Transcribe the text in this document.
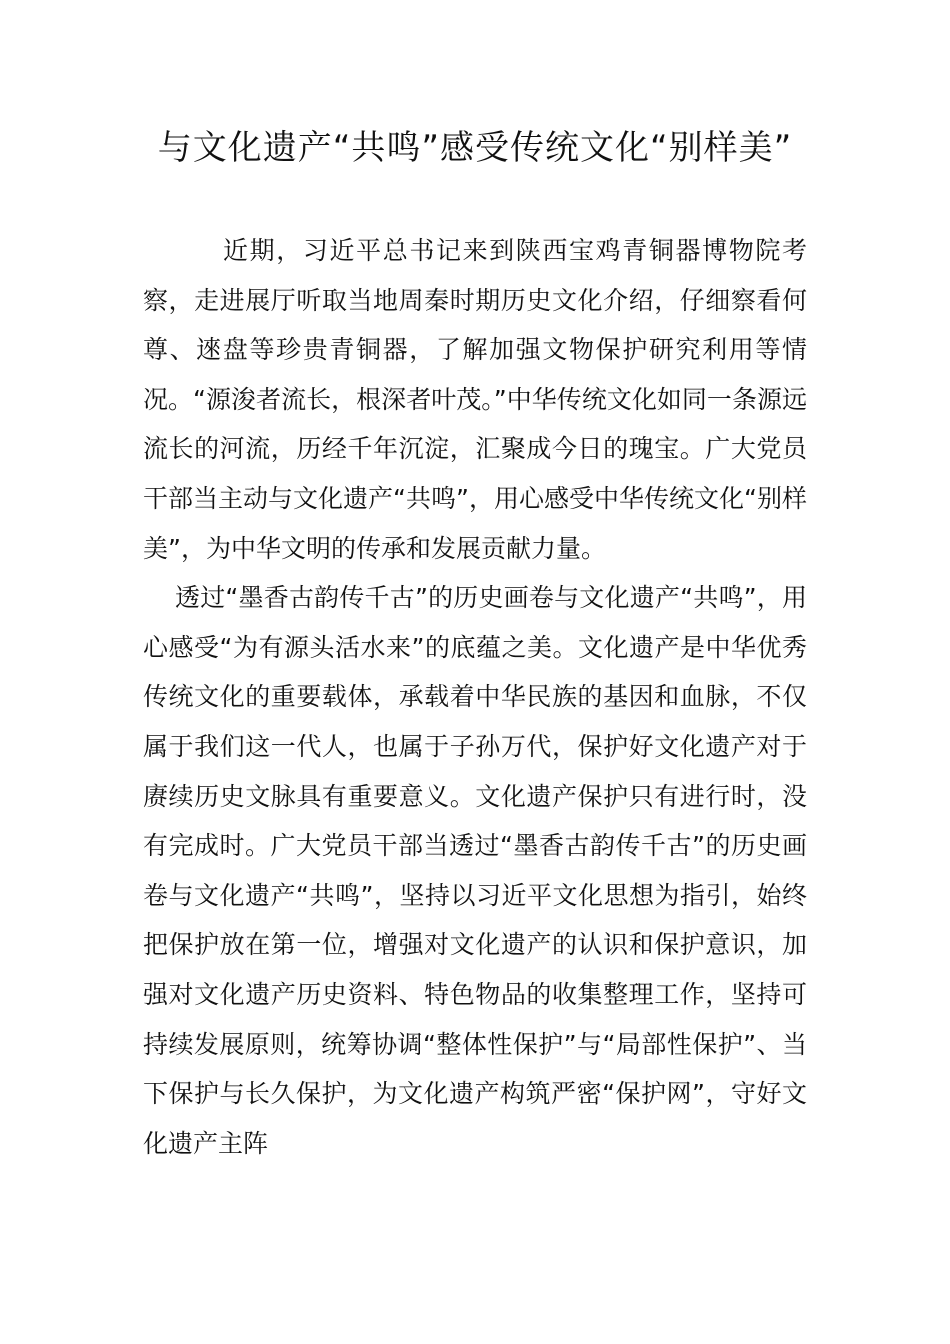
与文化遗产“共鸣”感受传统文化“别样美”

近期，习近平总书记来到陕西宝鸡青铜器博物院考察，走进展厅听取当地周秦时期历史文化介绍，仔细察看何尊、逨盘等珍贵青铜器，了解加强文物保护研究利用等情况。“源浚者流长，根深者叶茂。”中华传统文化如同一条源远流长的河流，历经千年沉淀，汇聚成今日的瑰宝。广大党员干部当主动与文化遗产“共鸣”，用心感受中华传统文化“别样美”，为中华文明的传承和发展贡献力量。

透过“墨香古韵传千古”的历史画卷与文化遗产“共鸣”，用心感受“为有源头活水来”的底蕴之美。文化遗产是中华优秀传统文化的重要载体，承载着中华民族的基因和血脉，不仅属于我们这一代人，也属于子孙万代，保护好文化遗产对于赓续历史文脉具有重要意义。文化遗产保护只有进行时，没有完成时。广大党员干部当透过“墨香古韵传千古”的历史画卷与文化遗产“共鸣”，坚持以习近平文化思想为指引，始终把保护放在第一位，增强对文化遗产的认识和保护意识，加强对文化遗产历史资料、特色物品的收集整理工作，坚持可持续发展原则，统筹协调“整体性保护”与“局部性保护”、当下保护与长久保护，为文化遗产构筑严密“保护网”，守好文化遗产主阵
